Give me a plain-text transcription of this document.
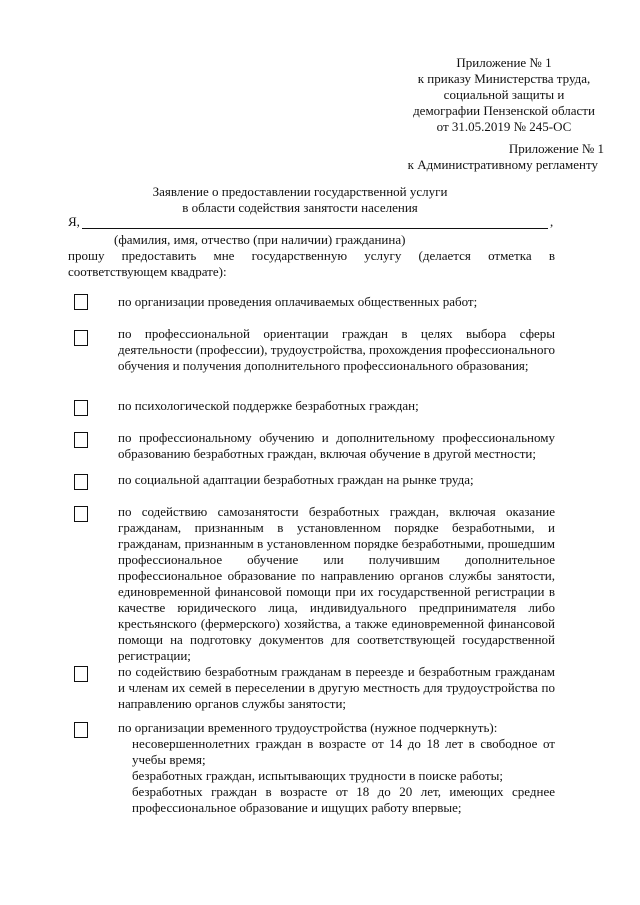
Приложение № 1
к приказу Министерства труда,
социальной защиты и
демографии Пензенской области
от 31.05.2019 № 245-ОС
Приложение № 1
к Административному регламенту
Заявление о предоставлении государственной услуги
в области содействия занятости населения
Я,	,
(фамилия, имя, отчество (при наличии) гражданина)
прошу предоставить мне государственную услугу (делается отметка в соответствующем квадрате):
по организации проведения оплачиваемых общественных работ;
по профессиональной ориентации граждан в целях выбора сферы деятельности (профессии), трудоустройства, прохождения профессионального обучения и получения дополнительного профессионального образования;
по психологической поддержке безработных граждан;
по профессиональному обучению и дополнительному профессиональному образованию безработных граждан, включая обучение в другой местности;
по социальной адаптации безработных граждан на рынке труда;
по содействию самозанятости безработных граждан, включая оказание гражданам, признанным в установленном порядке безработными, и гражданам, признанным в установленном порядке безработными, прошедшим профессиональное обучение или получившим дополнительное профессиональное образование по направлению органов службы занятости, единовременной финансовой помощи при их государственной регистрации в качестве юридического лица, индивидуального предпринимателя либо крестьянского (фермерского) хозяйства, а также единовременной финансовой помощи на подготовку документов для соответствующей государственной регистрации;
по содействию безработным гражданам в переезде и безработным гражданам и членам их семей в переселении в другую местность для трудоустройства по направлению органов службы занятости;
по организации временного трудоустройства (нужное подчеркнуть):
несовершеннолетних граждан в возрасте от 14 до 18 лет в свободное от учебы время;
безработных граждан, испытывающих трудности в поиске работы;
безработных граждан в возрасте от 18 до 20 лет, имеющих среднее профессиональное образование и ищущих работу впервые;
